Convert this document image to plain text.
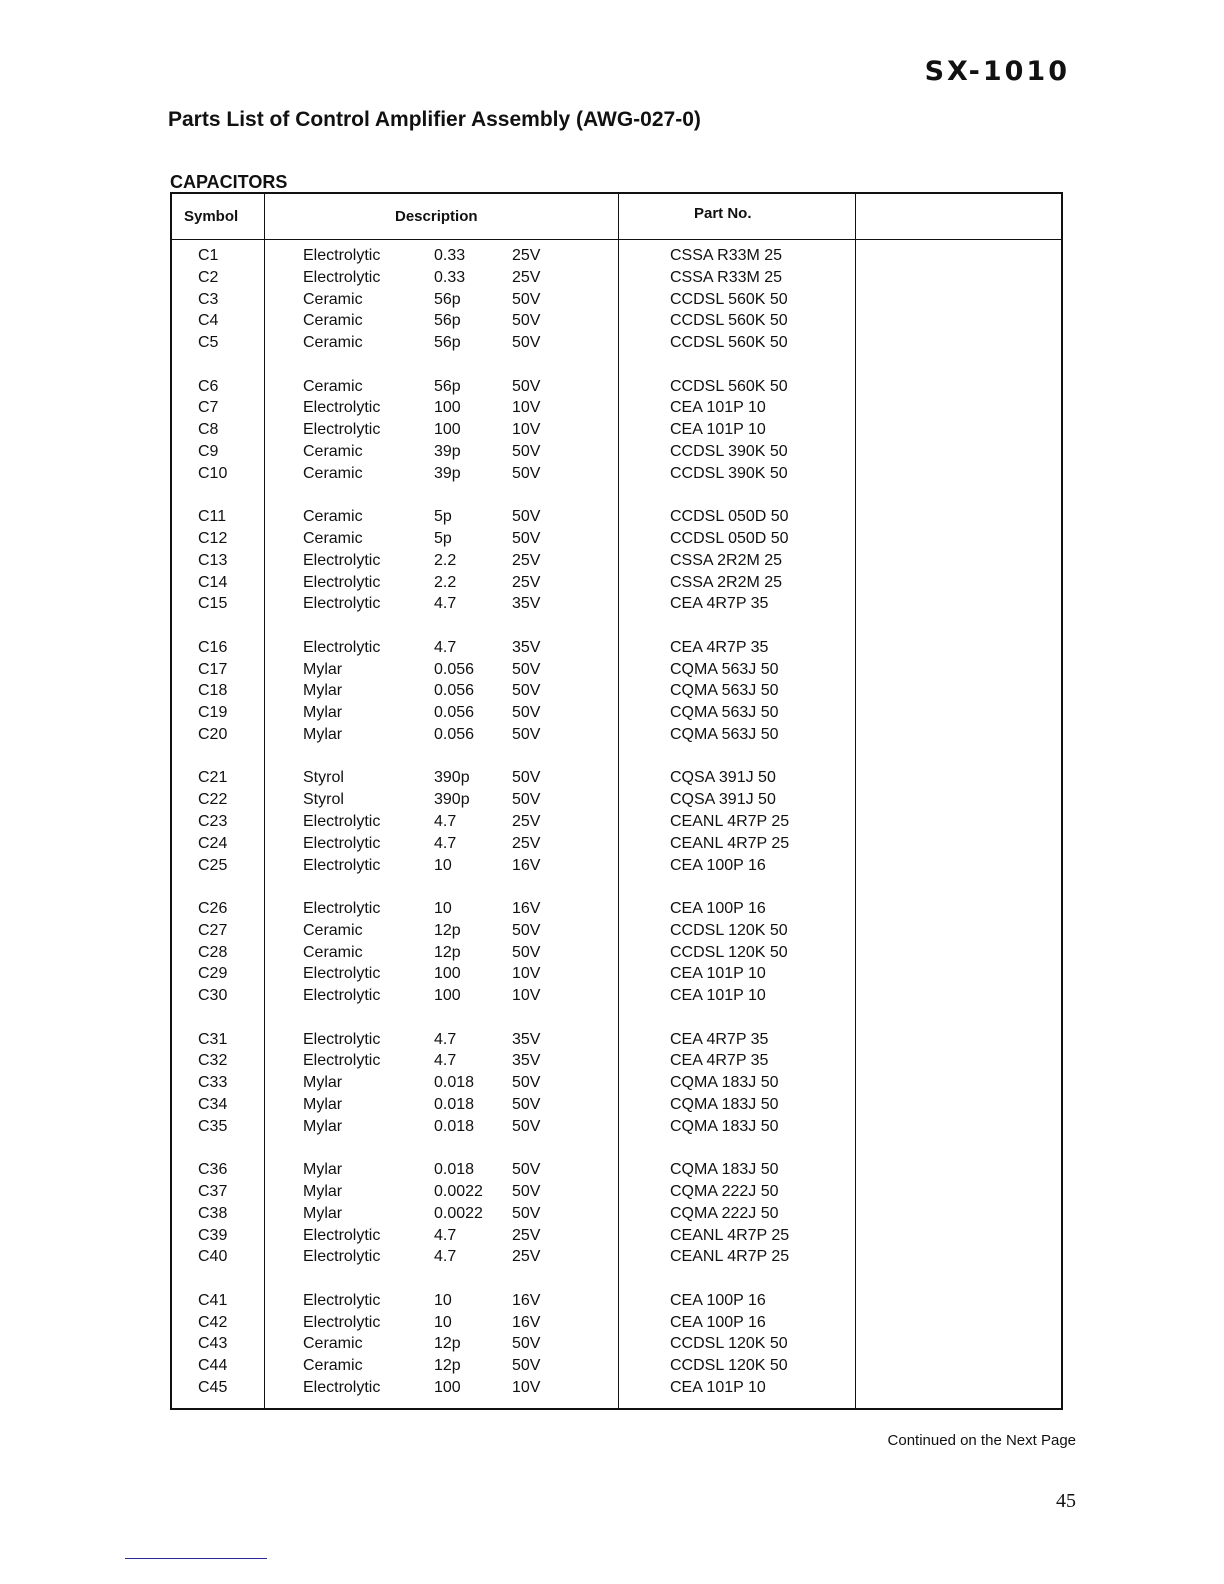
SX-1010
Parts List of Control Amplifier Assembly (AWG-027-0)
CAPACITORS
Symbol	Description	Part No.
C1	Electrolytic	0.33	25V	CSSA R33M 25
C2	Electrolytic	0.33	25V	CSSA R33M 25
C3	Ceramic	56p	50V	CCDSL 560K 50
C4	Ceramic	56p	50V	CCDSL 560K 50
C5	Ceramic	56p	50V	CCDSL 560K 50
C6	Ceramic	56p	50V	CCDSL 560K 50
C7	Electrolytic	100	10V	CEA 101P 10
C8	Electrolytic	100	10V	CEA 101P 10
C9	Ceramic	39p	50V	CCDSL 390K 50
C10	Ceramic	39p	50V	CCDSL 390K 50
C11	Ceramic	5p	50V	CCDSL 050D 50
C12	Ceramic	5p	50V	CCDSL 050D 50
C13	Electrolytic	2.2	25V	CSSA 2R2M 25
C14	Electrolytic	2.2	25V	CSSA 2R2M 25
C15	Electrolytic	4.7	35V	CEA 4R7P 35
C16	Electrolytic	4.7	35V	CEA 4R7P 35
C17	Mylar	0.056 50V	CQMA 563J 50
C18	Mylar	0.056 50V	CQMA 563J 50
C19	Mylar	0.056 50V	CQMA 563J 50
C20	Mylar	0.056 50V	CQMA 563J 50
C21	Styrol	390p	50V	CQSA 391J 50
C22	Styrol	390p	50V	CQSA 391J 50
C23	Electrolytic	4.7	25V	CEANL 4R7P 25
C24	Electrolytic	4.7	25V	CEANL 4R7P 25
C25	Electrolytic	10	16V	CEA 100P 16
C26	Electrolytic	10	16V	CEA 100P 16
C27	Ceramic	12p	50V	CCDSL 120K 50
C28	Ceramic	12p	50V	CCDSL 120K 50
C29	Electrolytic	100	10V	CEA 101P 10
C30	Electrolytic	100	10V	CEA 101P 10
C31	Electrolytic	4.7	35V	CEA 4R7P 35
C32	Electrolytic	4.7	35V	CEA 4R7P 35
C33	Mylar	0.018 50V	CQMA 183J 50
C34	Mylar	0.018 50V	CQMA 183J 50
C35	Mylar	0.018 50V	CQMA 183J 50
C36	Mylar	0.018 50V	CQMA 183J 50
C37	Mylar	0.0022 50V	CQMA 222J 50
C38	Mylar	0.0022 50V	CQMA 222J 50
C39	Electrolytic	4.7	25V	CEANL 4R7P 25
C40	Electrolytic	4.7	25V	CEANL 4R7P 25
C41	Electrolytic	10	16V	CEA 100P 16
C42	Electrolytic	10	16V	CEA 100P 16
C43	Ceramic	12p	50V	CCDSL 120K 50
C44	Ceramic	12p	50V	CCDSL 120K 50
C45	Electrolytic	100	10V	CEA 101P 10
Continued on the Next Page
45
